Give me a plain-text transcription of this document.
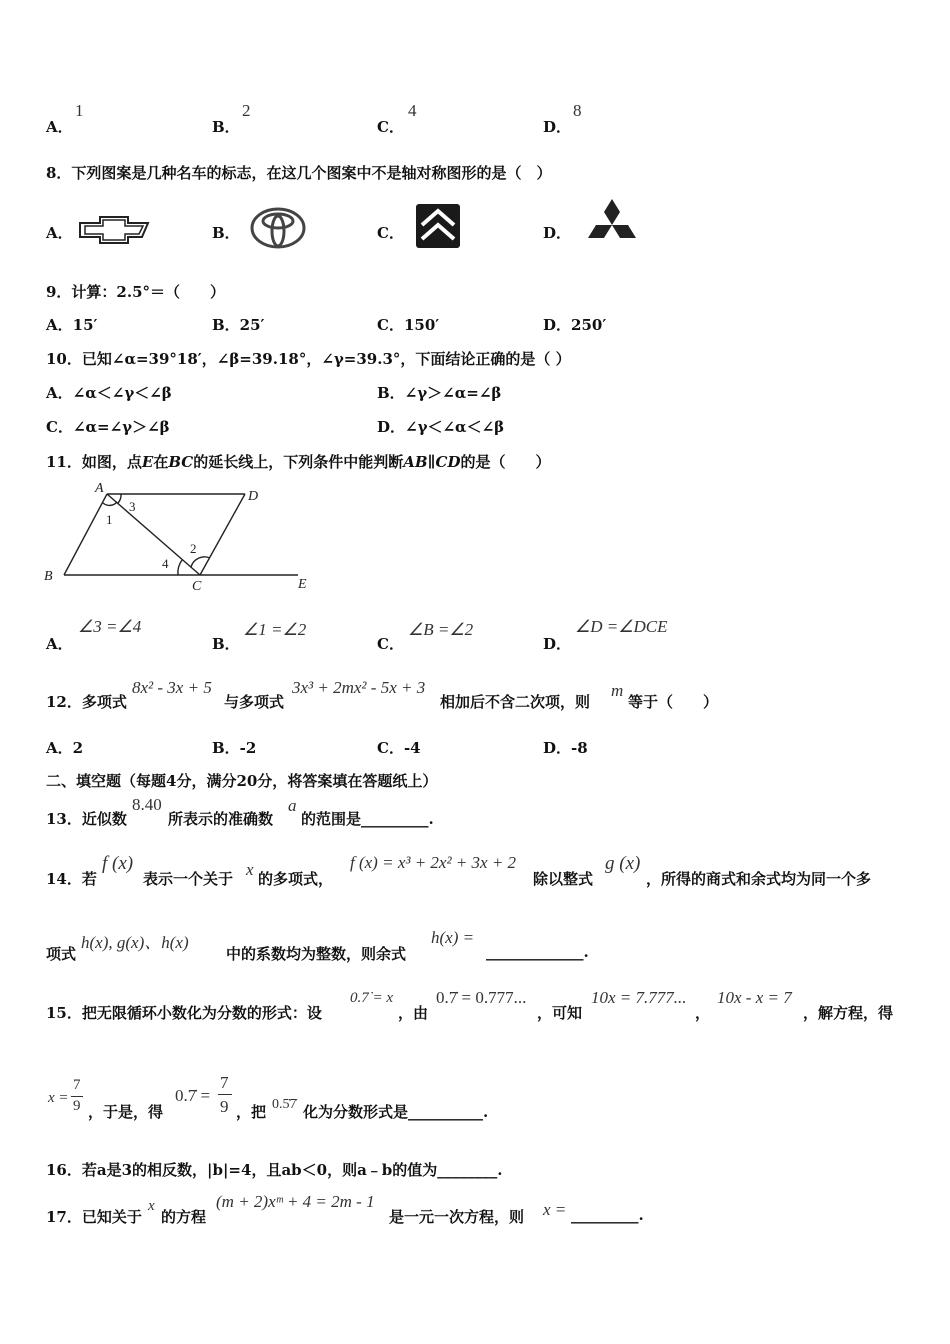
A．
1
B．
2
C．
4
D．
8
8．下列图案是几种名车的标志，在这几个图案中不是轴对称图形的是（　）
A．	B．	C．	D．
9．计算：2.5°＝（　　）
A．15′	B．25′	C．150′	D．250′
10．已知∠α=39°18′，∠β=39.18°，∠γ=39.3°，下面结论正确的是（ ）
A．∠α＜∠γ＜∠β	B．∠γ＞∠α=∠β
C．∠α=∠γ＞∠β	D．∠γ＜∠α＜∠β
11．如图，点E在BC的延长线上，下列条件中能判断AB∥CD的是（　　）
A
D
B
C	E
1
2
3
4
A．
∠3 =∠4
B．
∠1 =∠2
C．
∠B =∠2
D．
∠D =∠DCE
12．多项式
8x² - 3x + 5
与多项式
3x³ + 2mx² - 5x + 3
相加后不含二次项，则
m
等于（　　）
A．2	B．-2	C．-4	D．-8
二、填空题（每题4分，满分20分，将答案填在答题纸上）
13．近似数
8.40
所表示的准确数
a
的范围是_________.
14．若
f (x)
表示一个关于 x 的多项式，
f (x) = x³ + 2x² + 3x + 2
除以整式
g (x)
，所得的商式和余式均为同一个多
项式
h(x), g(x)、h(x)
中的系数均为整数，则余式
h(x) =
_____________.
15．把无限循环小数化为分数的形式：设
0.7̇ = x
，由
0.7̇ = 0.777...
，可知
10x = 7.777...
，
10x - x = 7
，解方程，得
x =
7
9 ，于是，得
0.7̇ =
7
9 ，把 0.5̇7̇ 化为分数形式是__________.
16．若a是3的相反数，|b|=4，且ab＜0，则a﹣b的值为________.
17．已知关于
x
的方程
(m + 2)xᵐ + 4 = 2m - 1
是一元一次方程，则 x = _________.
